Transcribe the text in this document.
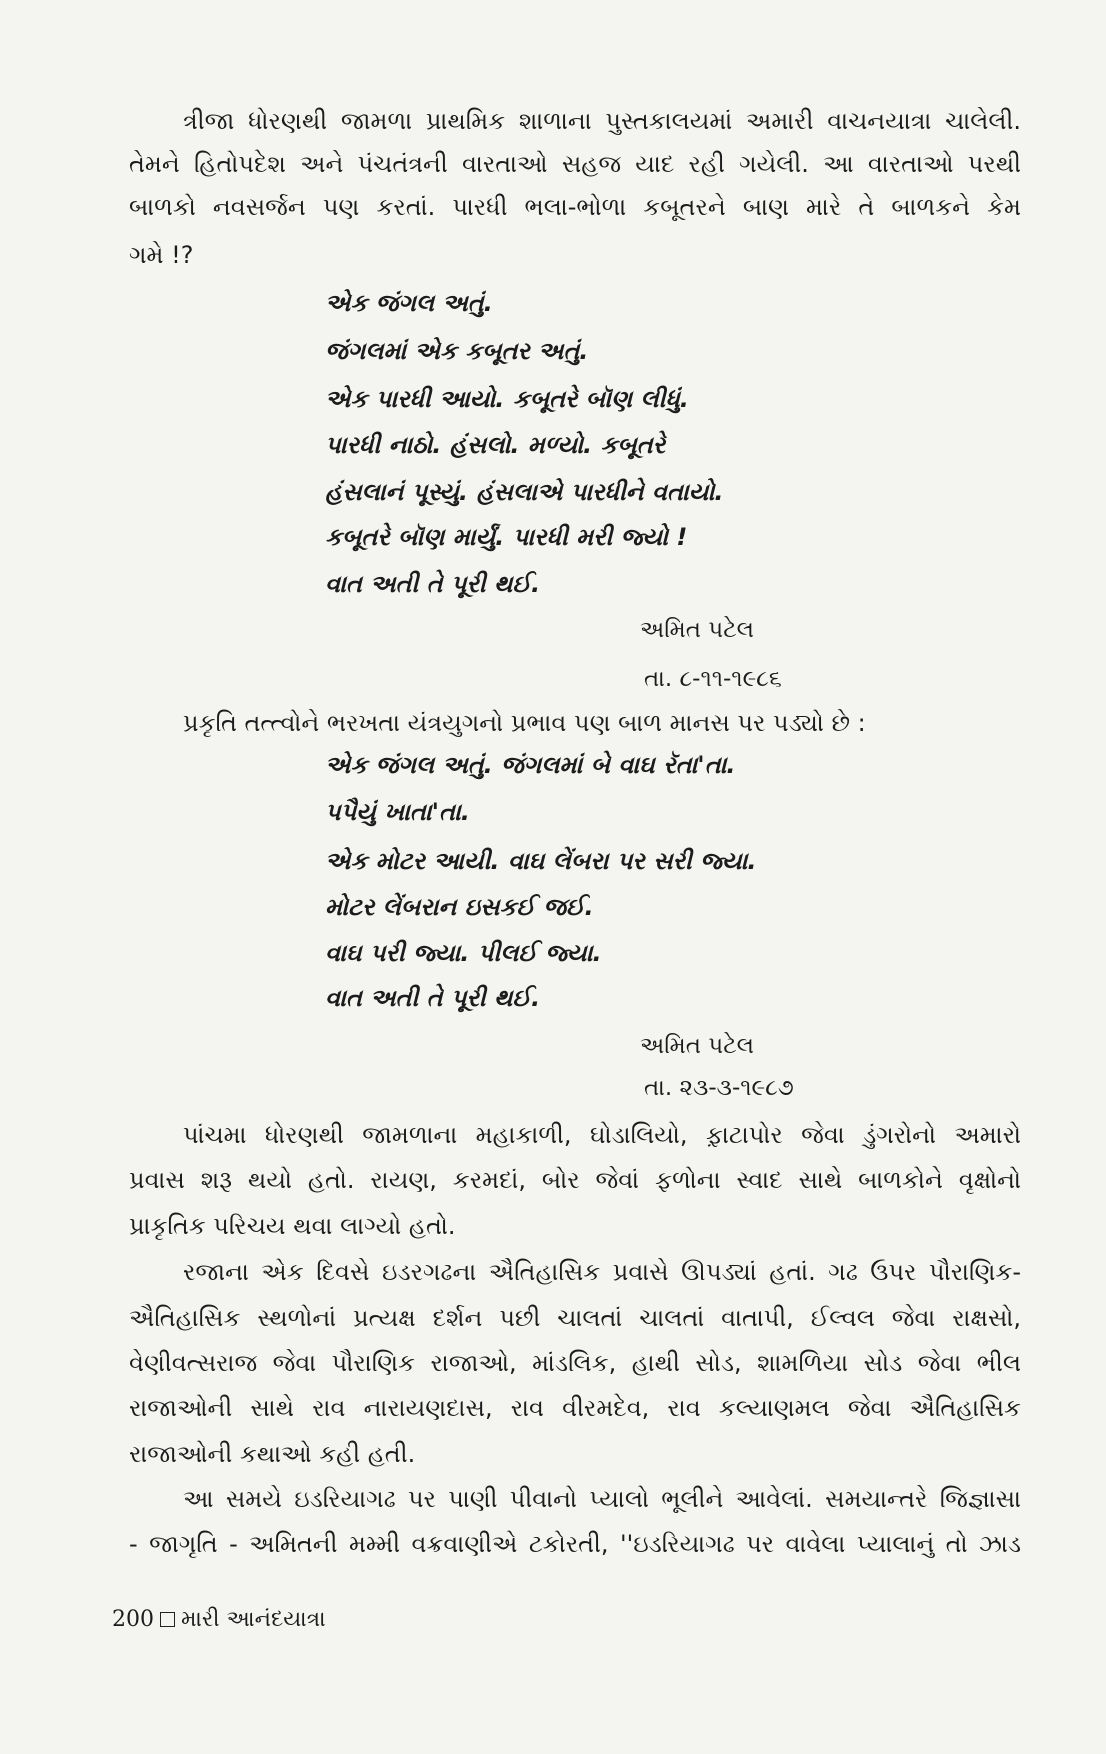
ત્રીજા ધોરણથી જામળા પ્રાથમિક શાળાના પુસ્તકાલયમાં અમારી વાચનયાત્રા ચાલેલી.

તેમને હિતોપદેશ અને પંચતંત્રની વારતાઓ સહજ યાદ રહી ગયેલી. આ વારતાઓ પરથી

બાળકો નવસર્જન પણ કરતાં. પારધી ભલા-ભોળા કબૂતરને બાણ મારે તે બાળકને કેમ

ગમે !?

એક જંગલ અતું.

જંગલમાં એક કબૂતર અતું.

એક પારધી આયો. કબૂતરે બૉણ લીધું.

પારધી નાઠો. હંસલો. મળ્યો. કબૂતરે

હંસલાનં પૂસ્યું. હંસલાએ પારધીને વતાયો.

કબૂતરે બૉણ માર્યું. પારધી મરી જ્યો !

વાત અતી તે પૂરી થઈ.

અમિત પટેલ

તા. ૮-૧૧-૧૯૮૬

પ્રકૃતિ તત્ત્વોને ભરખતા યંત્રયુગનો પ્રભાવ પણ બાળ માનસ પર પડ્યો છે :

એક જંગલ અતું. જંગલમાં બે વાઘ રૅતા'તા.

પપૈયું ખાતા'તા.

એક મોટર આયી. વાઘ લેંબરા પર સરી જ્યા.

મોટર લેંબરાન ઇસકઈ જઈ.

વાઘ પરી જ્યા. પીલઈ જ્યા.

વાત અતી તે પૂરી થઈ.

અમિત પટેલ

તા. ૨૩-૩-૧૯૮૭

પાંચમા ધોરણથી જામળાના મહાકાળી, ઘોડાલિયો, ફ઼ાટાપોર જેવા ડુંગરોનો અમારો

પ્રવાસ શરૂ થયો હતો. રાયણ, કરમદાં, બોર જેવાં ફળોના સ્વાદ સાથે બાળકોને વૃક્ષોનો

પ્રાકૃતિક પરિચય થવા લાગ્યો હતો.

રજાના એક દિવસે ઇડરગઢના ઐતિહાસિક પ્રવાસે ઊપડ્યાં હતાં. ગઢ ઉપર પૌરાણિક-

ઐતિહાસિક સ્થળોનાં પ્રત્યક્ષ દર્શન પછી ચાલતાં ચાલતાં વાતાપી, ઈલ્વલ જેવા રાક્ષસો,

વેણીવત્સરાજ જેવા પૌરાણિક રાજાઓ, માંડલિક, હાથી સોડ, શામળિયા સોડ જેવા ભીલ

રાજાઓની સાથે રાવ નારાયણદાસ, રાવ વીરમદેવ, રાવ કલ્યાણમલ જેવા ઐતિહાસિક

રાજાઓની કથાઓ કહી હતી.

આ સમયે ઇડરિયાગઢ પર પાણી પીવાનો પ્યાલો ભૂલીને આવેલાં. સમયાન્તરે જિજ્ઞાસા

- જાગૃતિ - અમિતની મમ્મી વક્રવાણીએ ટકોરતી, ''ઇડરિયાગઢ પર વાવેલા પ્યાલાનું તો ઝાડ

200 મારી આનંદયાત્રા
